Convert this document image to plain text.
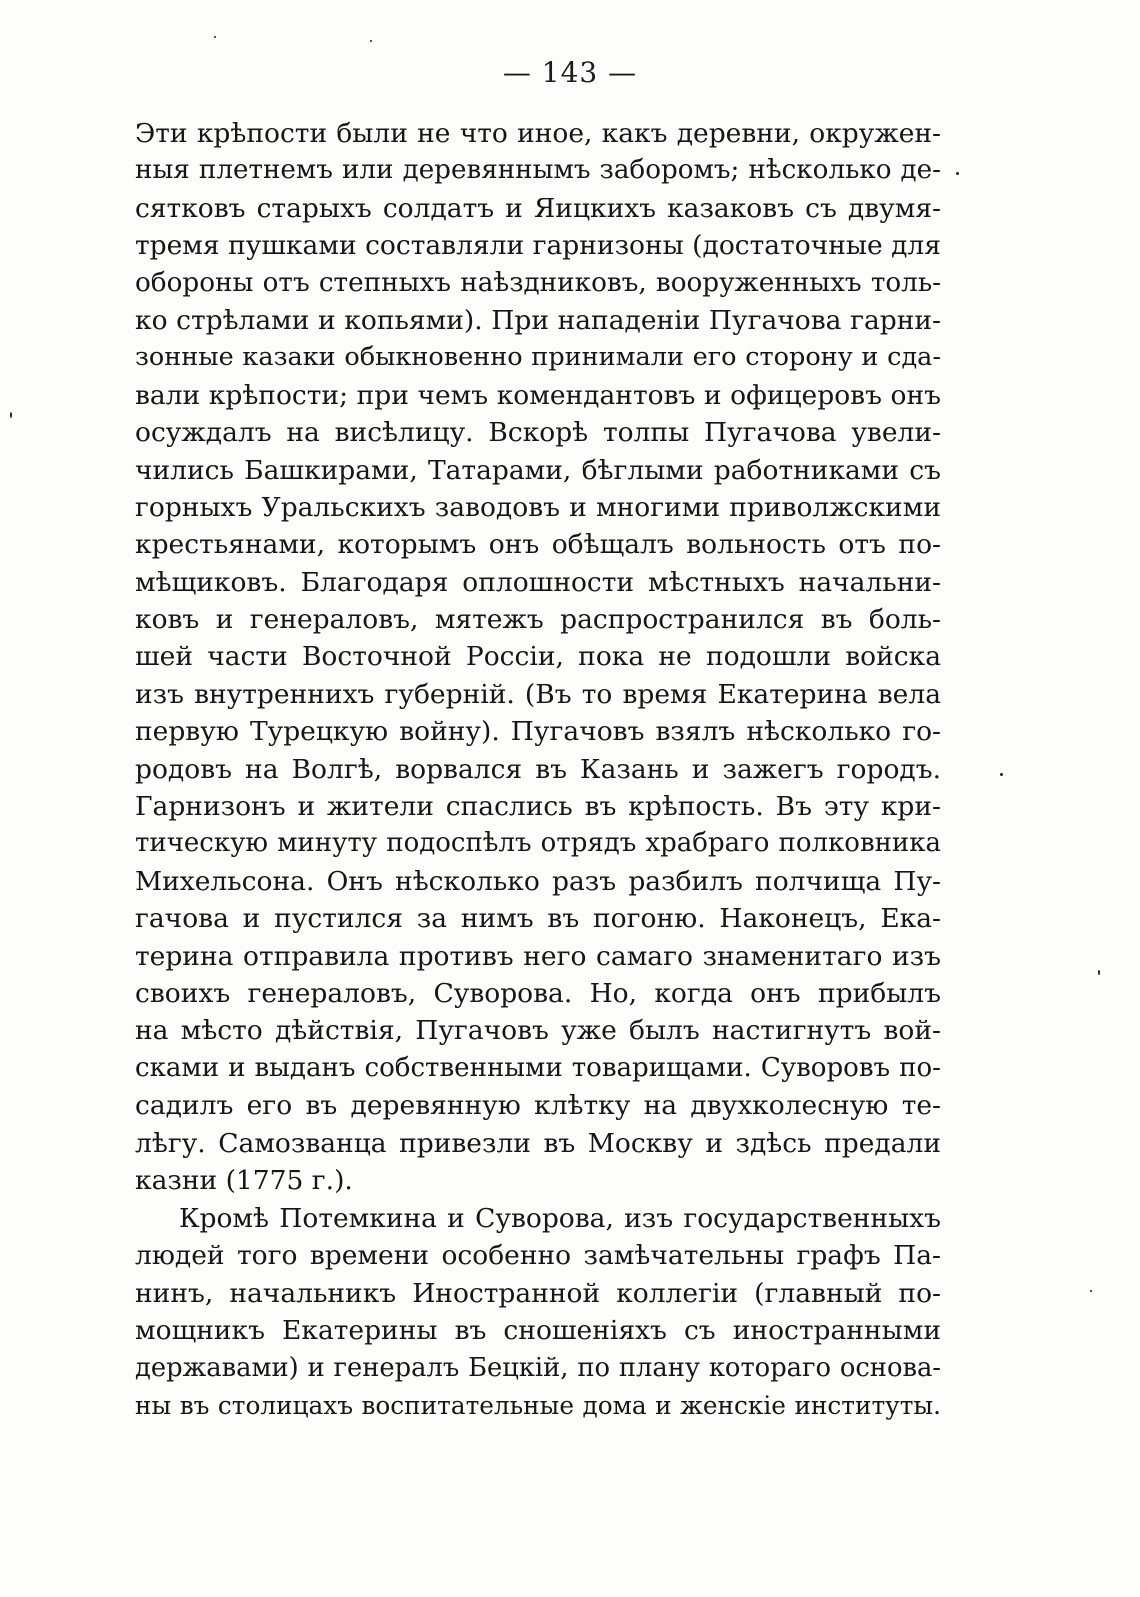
— 143 —
Эти крѣпости были не что иное, какъ деревни, окружен-
ныя плетнемъ или деревяннымъ заборомъ; нѣсколько де-
сятковъ старыхъ солдатъ и Яицкихъ казаковъ съ двумя-
тремя пушками составляли гарнизоны (достаточные для
обороны отъ степныхъ наѣздниковъ, вооруженныхъ толь-
ко стрѣлами и копьями). При нападеніи Пугачова гарни-
зонные казаки обыкновенно принимали его сторону и сда-
вали крѣпости; при чемъ комендантовъ и офицеровъ онъ
осуждалъ на висѣлицу. Вскорѣ толпы Пугачова увели-
чились Башкирами, Татарами, бѣглыми работниками съ
горныхъ Уральскихъ заводовъ и многими приволжскими
крестьянами, которымъ онъ обѣщалъ вольность отъ по-
мѣщиковъ. Благодаря оплошности мѣстныхъ начальни-
ковъ и генераловъ, мятежъ распространился въ боль-
шей части Восточной Россіи, пока не подошли войска
изъ внутреннихъ губерній. (Въ то время Екатерина вела
первую Турецкую войну). Пугачовъ взялъ нѣсколько го-
родовъ на Волгѣ, ворвался въ Казань и зажегъ городъ.
Гарнизонъ и жители спаслись въ крѣпость. Въ эту кри-
тическую минуту подоспѣлъ отрядъ храбраго полковника
Михельсона. Онъ нѣсколько разъ разбилъ полчища Пу-
гачова и пустился за нимъ въ погоню. Наконецъ, Ека-
терина отправила противъ него самаго знаменитаго изъ
своихъ генераловъ, Суворова. Но, когда онъ прибылъ
на мѣсто дѣйствія, Пугачовъ уже былъ настигнутъ вой-
сками и выданъ собственными товарищами. Суворовъ по-
садилъ его въ деревянную клѣтку на двухколесную те-
лѣгу. Самозванца привезли въ Москву и здѣсь предали
казни (1775 г.).
Кромѣ Потемкина и Суворова, изъ государственныхъ
людей того времени особенно замѣчательны графъ Па-
нинъ, начальникъ Иностранной коллегіи (главный по-
мощникъ Екатерины въ сношеніяхъ съ иностранными
державами) и генералъ Бецкій, по плану котораго основа-
ны въ столицахъ воспитательные дома и женскіе институты.
